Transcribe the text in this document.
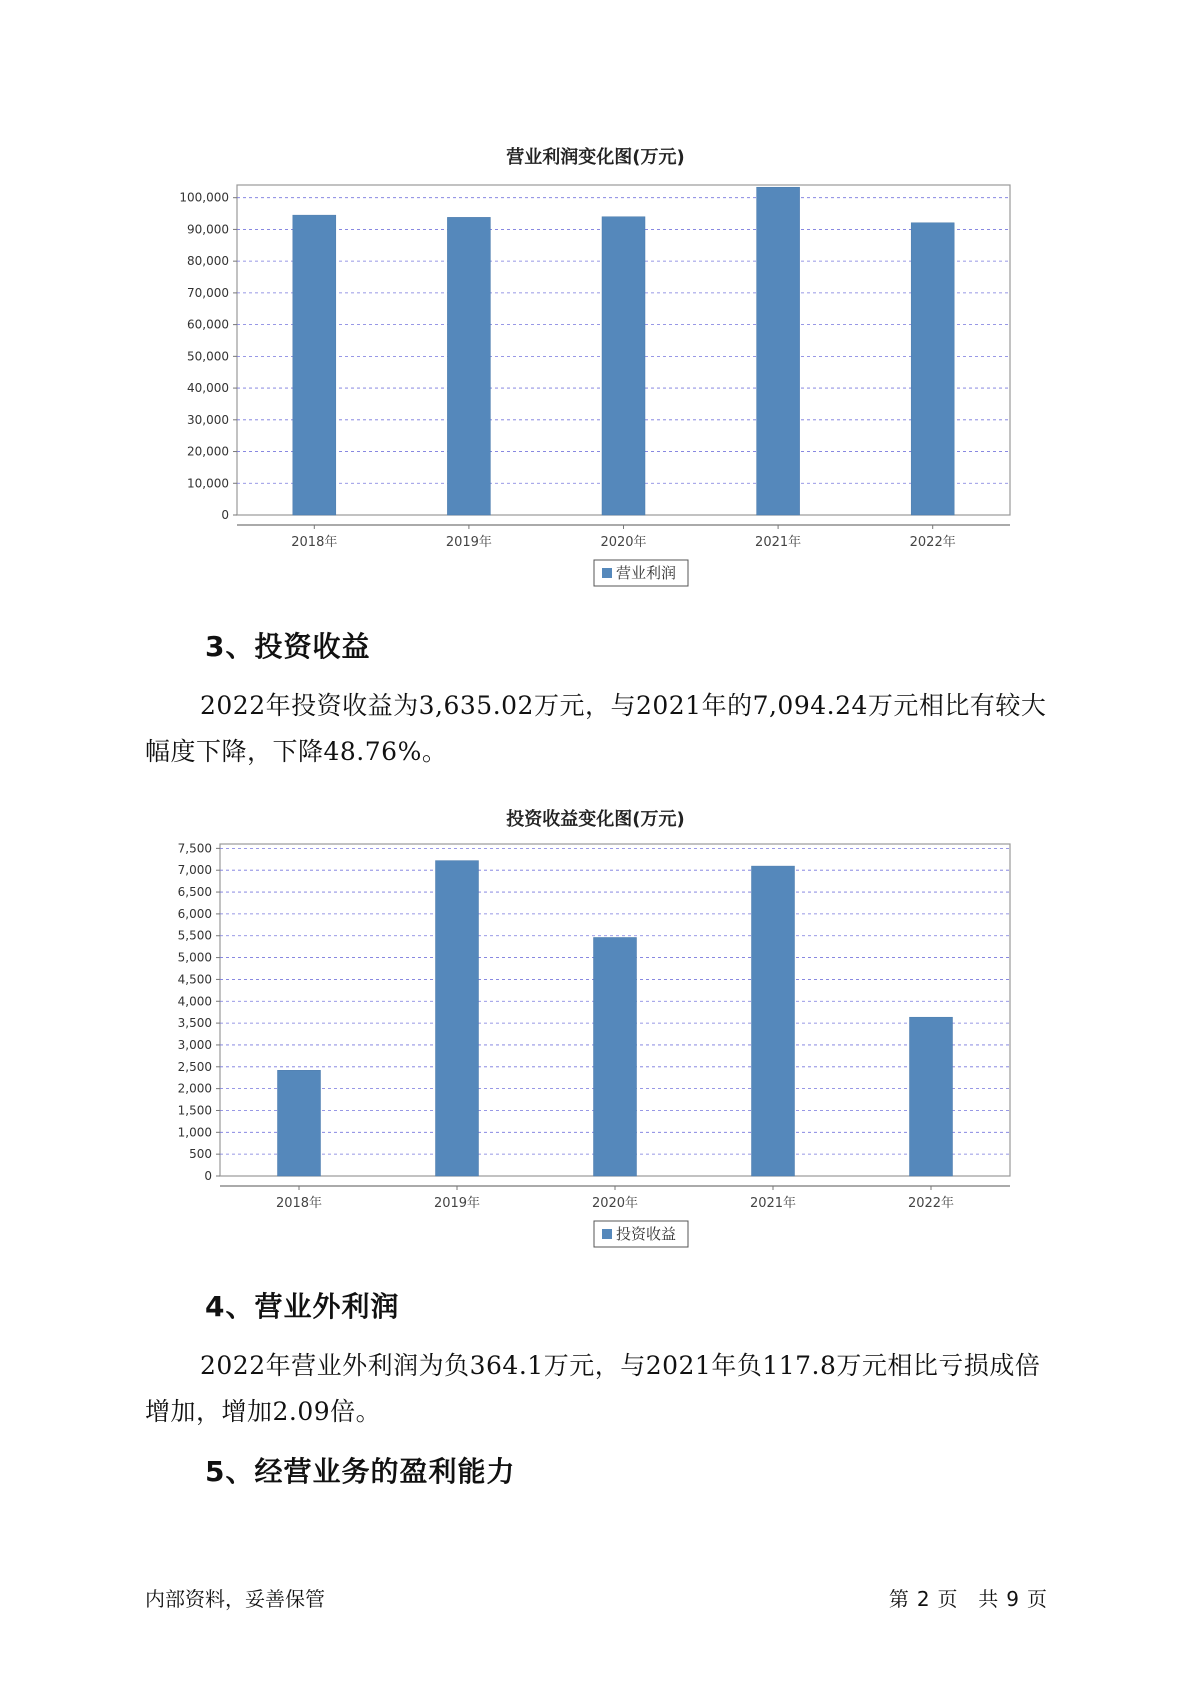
营业利润变化图(万元)
0
10,000
20,000
30,000
40,000
50,000
60,000
70,000
80,000
90,000
100,000
2018年	2019年	2020年	2021年	2022年
营业利润
3、投资收益
2022年投资收益为3,635.02万元，与2021年的7,094.24万元相比有较大幅度下降，下降48.76%。
投资收益变化图(万元)
0
500
1,000
1,500
2,000
2,500
3,000
3,500
4,000
4,500
5,000
5,500
6,000
6,500
7,000
7,500
2018年	2019年	2020年	2021年	2022年
投资收益
4、营业外利润
2022年营业外利润为负364.1万元，与2021年负117.8万元相比亏损成倍增加，增加2.09倍。
5、经营业务的盈利能力
内部资料，妥善保管	第 2 页 共 9 页
